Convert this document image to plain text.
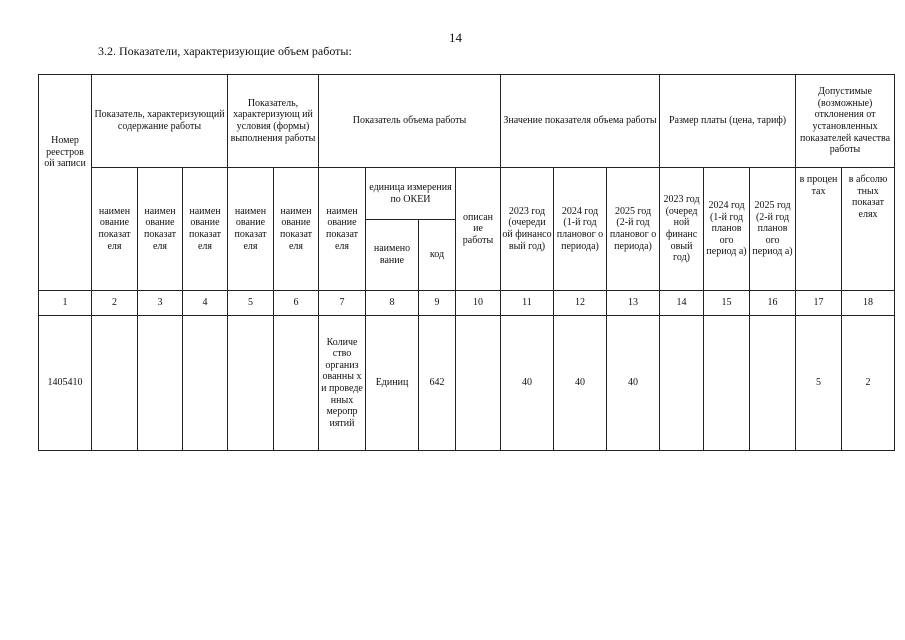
14
3.2. Показатели, характеризующие объем работы:
Номер реестров ой записи	Показатель, характеризующий содержание работы			Показатель, характеризующ ий условия (формы) выполнения работы		Показатель объема работы				Значение показателя объема работы			Размер платы (цена, тариф)			Допустимые (возможные) отклонения от установленных показателей качества работы	
	наимен ование показат еля	наимен ование показат еля	наимен ование показат еля	наимен ование показат еля	наимен ование показат еля	наимен ование показат еля	единица измерения по ОКЕИ		описан ие работы	2023 год (очереди ой финансо вый год)	2024 год (1-й год плановог о периода)	2025 год (2-й год плановог о периода)	2023 год (очеред ной финанс овый год)	2024 год (1-й год планов ого период а)	2025 год (2-й год планов ого период а)	в процен тах	в абсолю тных показат елях
							наимено вание	код									
1	2	3	4	5	6	7	8	9	10	11	12	13	14	15	16	17	18
1405410						Количе ство организ ованны х и проведе нных меропр иятий	Единиц	642		40	40	40				5	2
